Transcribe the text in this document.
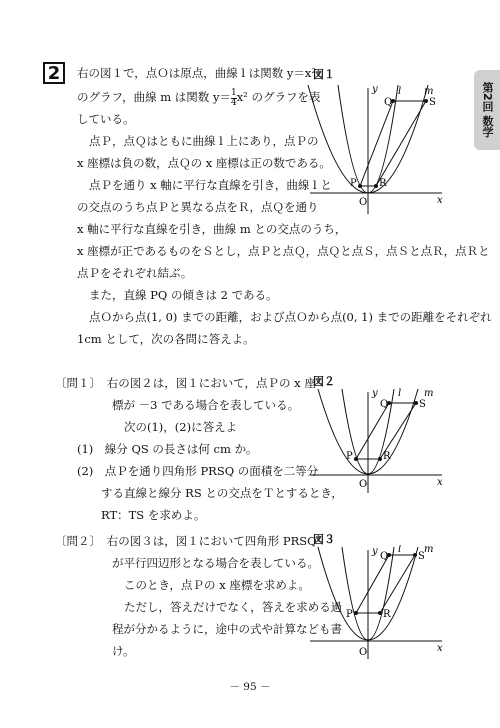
2
第2回 数学
右の図１で，点Ｏは原点，曲線 l は関数 y＝x²
のグラフ，曲線 m は関数 $y= \frac{1}{4} x^2$ のグラフを表
している。
点Ｐ，点Ｑはともに曲線 l 上にあり，点Ｐの
x 座標は負の数，点Ｑの x 座標は正の数である。
点Ｐを通り x 軸に平行な直線を引き，曲線 l と
の交点のうち点Ｐと異なる点をＲ，点Ｑを通り
x 軸に平行な直線を引き，曲線 m との交点のうち，
x 座標が正であるものをＳとし，点Ｐと点Ｑ，点Ｑと点Ｓ，点Ｓと点Ｒ，点Ｒと
点Ｐをそれぞれ結ぶ。
また，直線 PQ の傾きは 2 である。
点Ｏから点(1, 0) までの距離，および点Ｏから点(0, 1) までの距離をそれぞれ
1cm として，次の各問に答えよ。
〔問１〕　右の図２は，図１において，点Ｐの x 座
標が －3 である場合を表している。
次の(1)，(2)に答えよ
(1)　線分 QS の長さは何 cm か。
(2)　点Ｐを通り四角形 PRSQ の面積を二等分
する直線と線分 RS との交点をＴとするとき，
RT：TS を求めよ。
〔問２〕　右の図３は，図１において四角形 PRSQ
が平行四辺形となる場合を表している。
このとき，点Ｐの x 座標を求めよ。
ただし，答えだけでなく，答えを求める過
程が分かるように，途中の式や計算なども書
け。
図１
図２
図３
y
x
l m
O
P R
Q	S
y
x
l m
O
P	R
Q	S
y
x
l m
O
P	R
Q	S
－ 95 －
